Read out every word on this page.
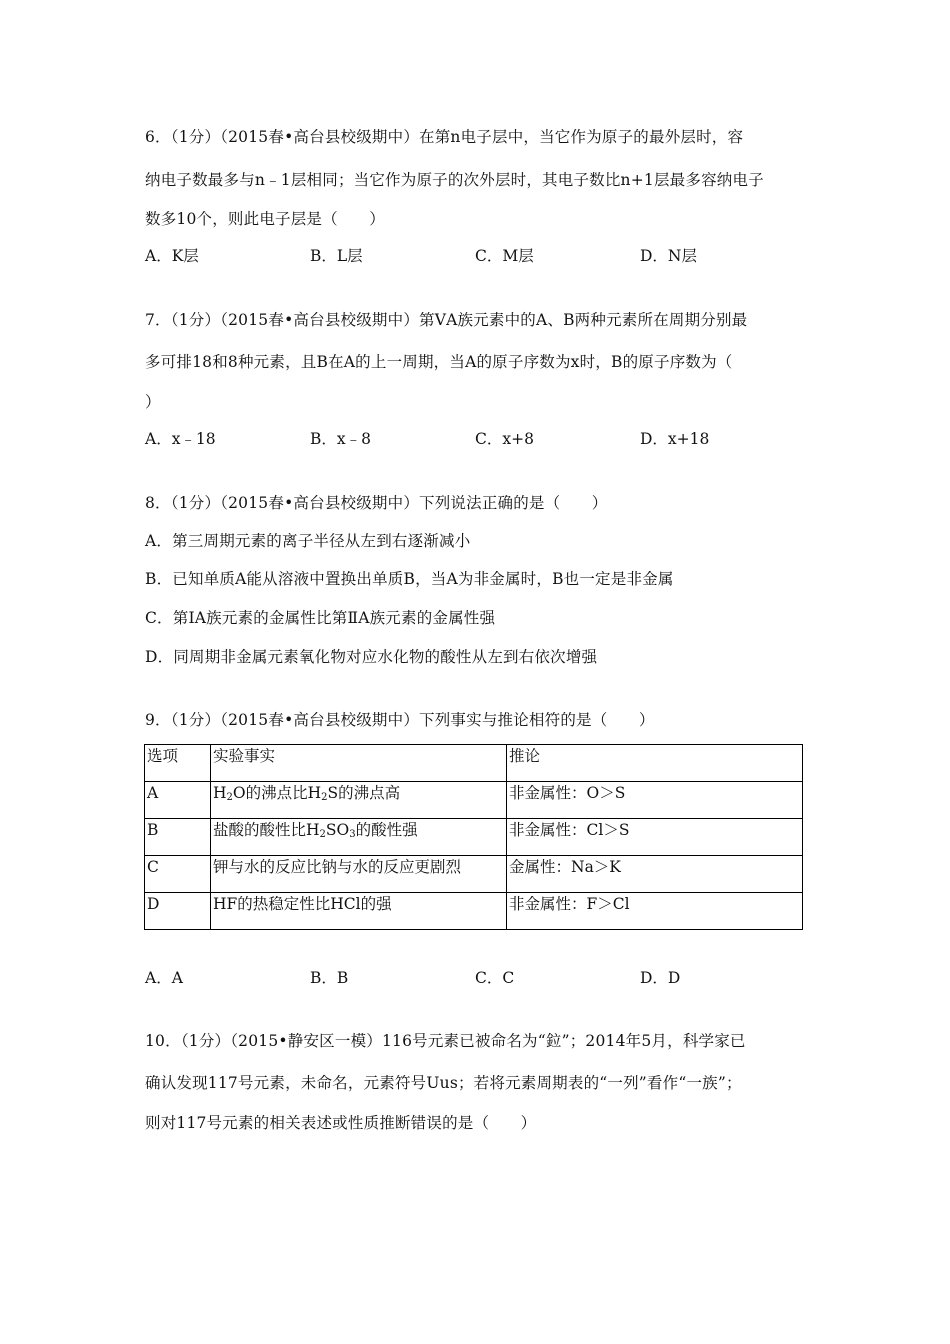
6．（1分）（2015春•高台县校级期中）在第n电子层中，当它作为原子的最外层时，容
纳电子数最多与n﹣1层相同；当它作为原子的次外层时，其电子数比n+1层最多容纳电子
数多10个，则此电子层是（　　）
A．K层	B．L层	C．M层	D．N层
7．（1分）（2015春•高台县校级期中）第ⅤA族元素中的A、B两种元素所在周期分别最
多可排18和8种元素，且B在A的上一周期，当A的原子序数为x时，B的原子序数为（
）
A．x﹣18	B．x﹣8	C．x+8	D．x+18
8．（1分）（2015春•高台县校级期中）下列说法正确的是（　　）
A．第三周期元素的离子半径从左到右逐渐减小
B．已知单质A能从溶液中置换出单质B，当A为非金属时，B也一定是非金属
C．第ⅠA族元素的金属性比第ⅡA族元素的金属性强
D．同周期非金属元素氧化物对应水化物的酸性从左到右依次增强
9．（1分）（2015春•高台县校级期中）下列事实与推论相符的是（　　）
选项	实验事实	推论
A	$H_2O$的沸点比$H_2S$的沸点高	非金属性：O＞S
B	盐酸的酸性比$H_2SO_3$的酸性强	非金属性：Cl＞S
C	钾与水的反应比钠与水的反应更剧烈	金属性：Na＞K
D	HF的热稳定性比HCl的强	非金属性：F＞Cl
A．A	B．B	C．C	D．D
10．（1分）（2015•静安区一模）116号元素已被命名为“鉝”；2014年5月，科学家已
确认发现117号元素，未命名，元素符号Uus；若将元素周期表的“一列”看作“一族”；
则对117号元素的相关表述或性质推断错误的是（　　）
